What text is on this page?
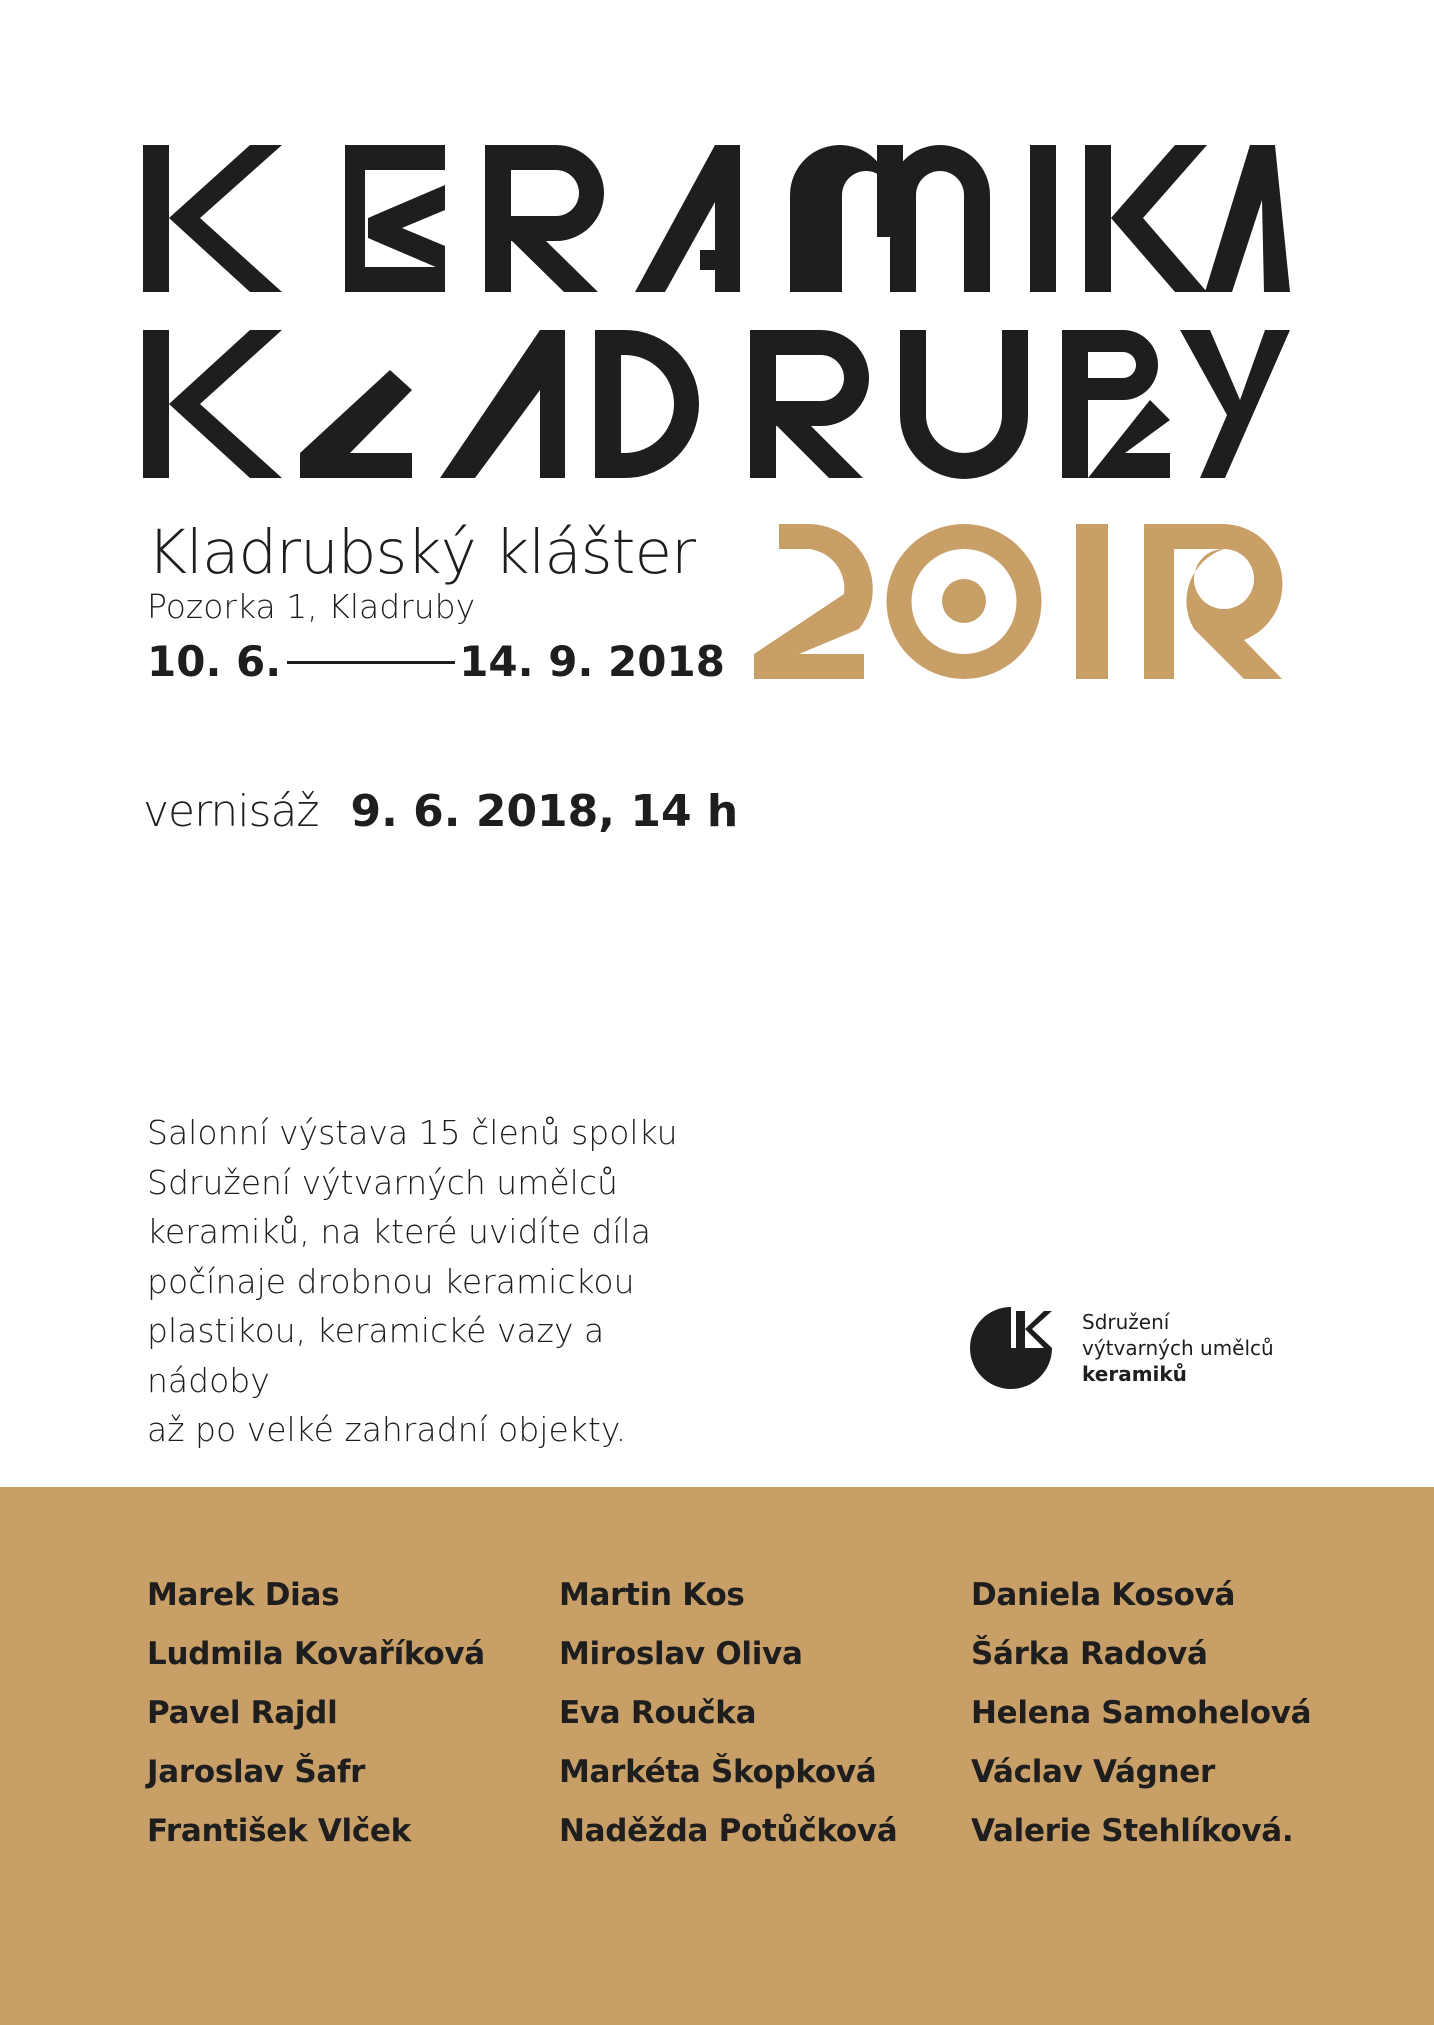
Kladrubský klášter
Pozorka 1, Kladruby
10. 6.	14. 9. 2018
vernisáž 9. 6. 2018, 14 h

Salonní výstava 15 členů spolku

Sdružení výtvarných umělců

keramiků, na které uvidíte díla

počínaje drobnou keramickou

plastikou, keramické vazy a nádoby

až po velké zahradní objekty.

Sdružení
výtvarných umělců
keramiků
Marek Dias
Ludmila Kovaříková
Pavel Rajdl
Jaroslav Šafr
František Vlček
Martin Kos
Miroslav Oliva
Eva Roučka
Markéta Škopková
Naděžda Potůčková
Daniela Kosová
Šárka Radová
Helena Samohelová
Václav Vágner
Valerie Stehlíková.
